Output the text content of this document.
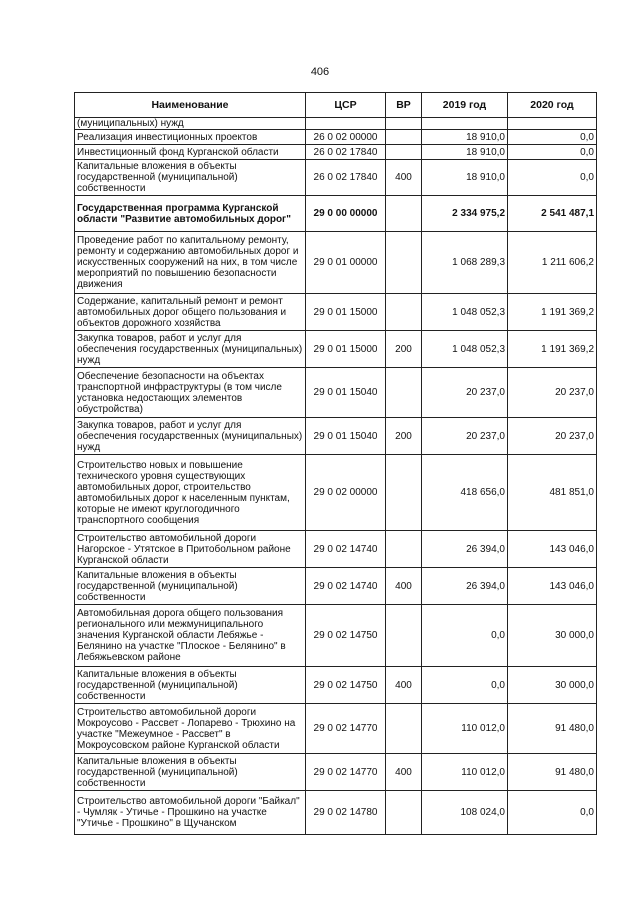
406
Наименование	ЦСР	ВР	2019 год	2020 год
(муниципальных) нужд				
Реализация инвестиционных проектов	26 0 02 00000		18 910,0	0,0
Инвестиционный фонд Курганской области	26 0 02 17840		18 910,0	0,0
Капитальные вложения в объекты государственной (муниципальной) собственности	26 0 02 17840	400	18 910,0	0,0
Государственная программа Курганской области "Развитие автомобильных дорог"	29 0 00 00000		2 334 975,2	2 541 487,1
Проведение работ по капитальному ремонту, ремонту и содержанию автомобильных дорог и искусственных сооружений на них, в том числе мероприятий по повышению безопасности движения	29 0 01 00000		1 068 289,3	1 211 606,2
Содержание, капитальный ремонт и ремонт автомобильных дорог общего пользования и объектов дорожного хозяйства	29 0 01 15000		1 048 052,3	1 191 369,2
Закупка товаров, работ и услуг для обеспечения государственных (муниципальных) нужд	29 0 01 15000	200	1 048 052,3	1 191 369,2
Обеспечение безопасности на объектах транспортной инфраструктуры (в том числе установка недостающих элементов обустройства)	29 0 01 15040		20 237,0	20 237,0
Закупка товаров, работ и услуг для обеспечения государственных (муниципальных) нужд	29 0 01 15040	200	20 237,0	20 237,0
Строительство новых и повышение технического уровня существующих автомобильных дорог, строительство автомобильных дорог к населенным пунктам, которые не имеют круглогодичного транспортного сообщения	29 0 02 00000		418 656,0	481 851,0
Строительство автомобильной дороги Нагорское - Утятское в Притобольном районе Курганской области	29 0 02 14740		26 394,0	143 046,0
Капитальные вложения в объекты государственной (муниципальной) собственности	29 0 02 14740	400	26 394,0	143 046,0
Автомобильная дорога общего пользования регионального или межмуниципального значения Курганской области Лебяжье - Белянино на участке "Плоское - Белянино" в Лебяжьевском районе	29 0 02 14750		0,0	30 000,0
Капитальные вложения в объекты государственной (муниципальной) собственности	29 0 02 14750	400	0,0	30 000,0
Строительство автомобильной дороги Мокроусово - Рассвет - Лопарево - Трюхино на участке "Межеумное - Рассвет" в Мокроусовском районе Курганской области	29 0 02 14770		110 012,0	91 480,0
Капитальные вложения в объекты государственной (муниципальной) собственности	29 0 02 14770	400	110 012,0	91 480,0
Строительство автомобильной дороги "Байкал" - Чумляк - Утичье - Прошкино на участке "Утичье - Прошкино" в Щучанском	29 0 02 14780		108 024,0	0,0
